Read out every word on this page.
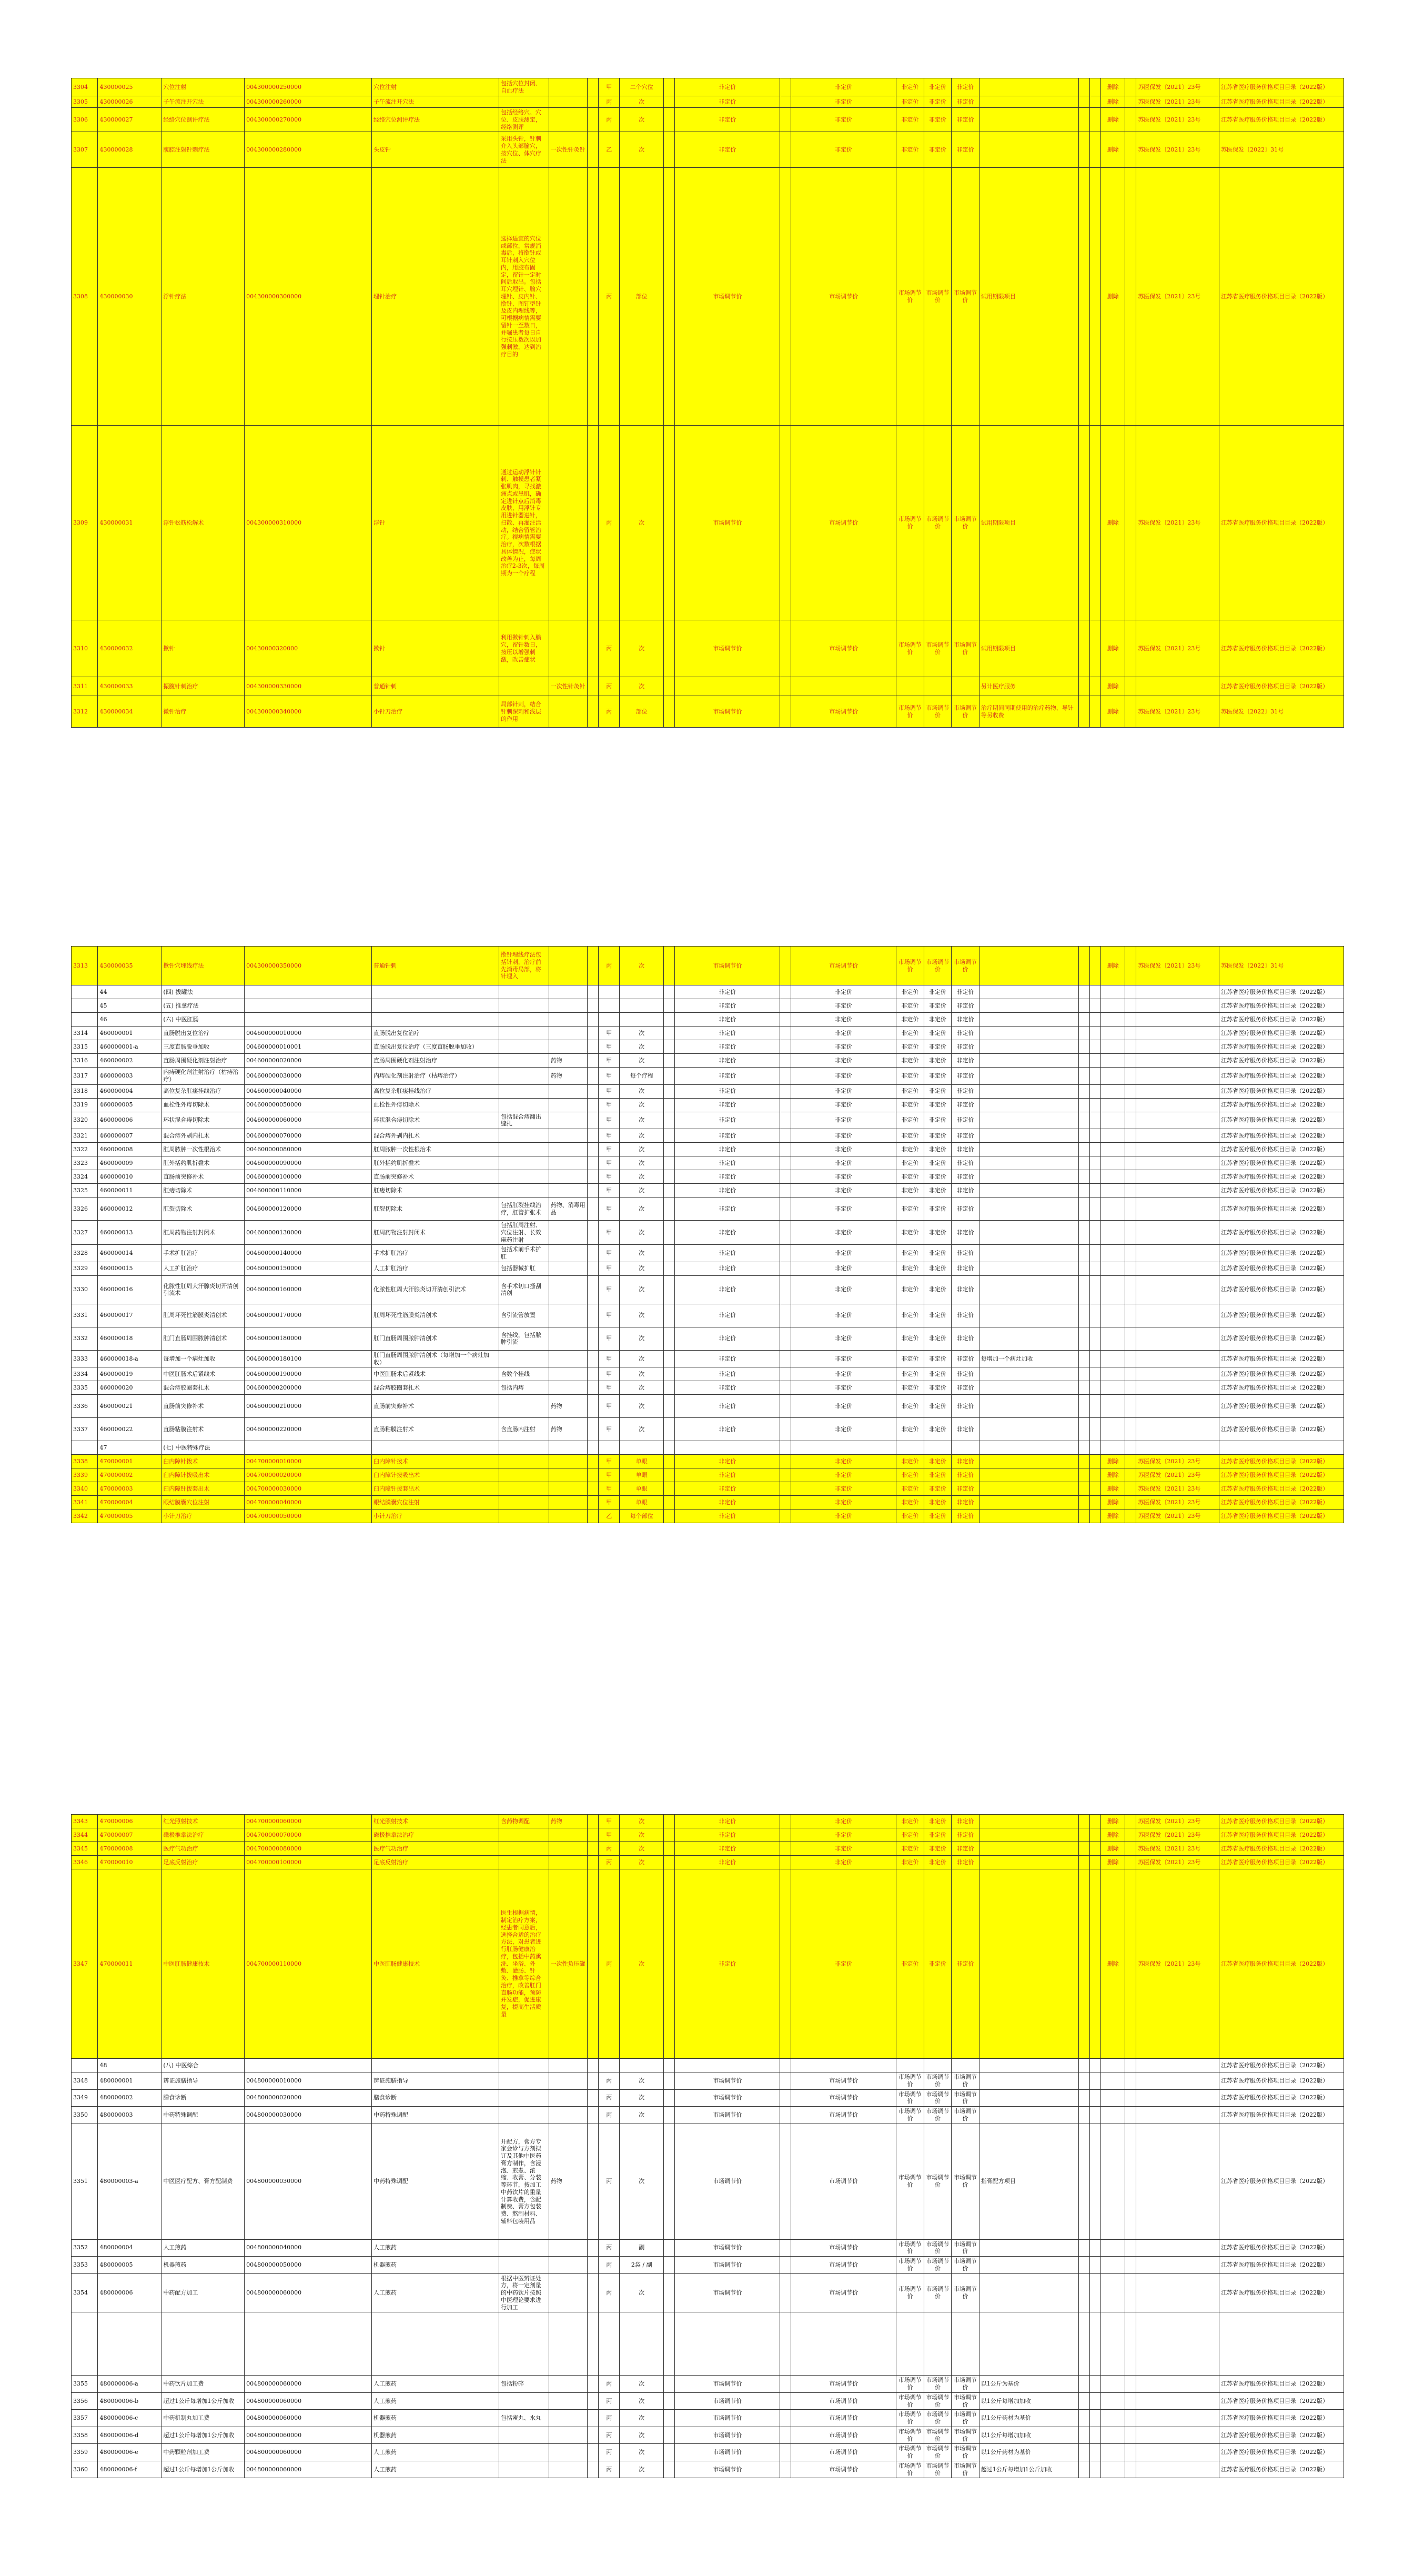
3304	430000025	穴位注射	004300000250000	穴位注射	包括穴位封闭、自血疗法			甲	二个穴位		非定价		非定价	非定价	非定价	非定价				删除		苏医保发〔2021〕23号	江苏省医疗服务价格项目目录（2022版）
3305	430000026	子午流注开穴法	004300000260000	子午流注开穴法				丙	次		非定价		非定价	非定价	非定价	非定价				删除		苏医保发〔2021〕23号	江苏省医疗服务价格项目目录（2022版）
3306	430000027	经络穴位测评疗法	004300000270000	经络穴位测评疗法	包括经络穴、穴位、皮肤测定，经络测评			丙	次		非定价		非定价	非定价	非定价	非定价				删除		苏医保发〔2021〕23号	江苏省医疗服务价格项目目录（2022版）
3307	430000028	腹腔注射针刺疗法	004300000280000	头皮针	采用头针，针刺介入头部腧穴，按穴位、体穴疗法	一次性针灸针		乙	次		非定价		非定价	非定价	非定价	非定价				删除		苏医保发〔2021〕23号	苏医保发〔2022〕31号
3308	430000030	浮针疗法	004300000300000	埋针治疗	选择适宜的穴位或部位，常规消毒后，将揿针或耳针刺入穴位内，用胶布固定，留针一定时间后取出。包括耳穴埋针、腧穴埋针、皮内针、揿针、图钉型针及皮内埋线等，可根据病情需要留针一至数日，并嘱患者每日自行按压数次以加强刺激，达到治疗目的			丙	部位		市场调节价		市场调节价	市场调节价	市场调节价	市场调节价	试用期限项目			删除		苏医保发〔2021〕23号	江苏省医疗服务价格项目目录（2022版）
3309	430000031	浮针松筋松解术	004300000310000	浮针	通过运动浮针针刺、触摸患者紧张肌肉，寻找激痛点或患肌，确定进针点后消毒皮肤，用浮针专用进针器进针，扫散、再灌注活动，结合留管治疗。视病情需要治疗，次数根据具体情况，症状改善为止，每周治疗2-3次，每周期为一个疗程			丙	次		市场调节价		市场调节价	市场调节价	市场调节价	市场调节价	试用期限项目			删除		苏医保发〔2021〕23号	江苏省医疗服务价格项目目录（2022版）
3310	430000032	揿针	00430000320000	揿针	利用揿针刺入腧穴，留针数日，按压以增强刺激，改善症状			丙	次		市场调节价		市场调节价	市场调节价	市场调节价	市场调节价	试用期限项目			删除		苏医保发〔2021〕23号	江苏省医疗服务价格项目目录（2022版）
3311	430000033	振腹针刺治疗	004300000330000	普通针刺		一次性针灸针		丙	次								另计医疗服务			删除			江苏省医疗服务价格项目目录（2022版）
3312	430000034	微针治疗	004300000340000	小针刀治疗	局部针刺，结合针刺深刺和浅层的作用			丙	部位		市场调节价		市场调节价	市场调节价	市场调节价	市场调节价	治疗期间同期使用的治疗药物、导针等另收费			删除		苏医保发〔2021〕23号	苏医保发〔2022〕31号
3313	430000035	揿针穴埋线疗法	004300000350000	普通针刺	揿针埋线疗法包括针刺，治疗前先消毒局部，将针埋入			丙	次		市场调节价		市场调节价	市场调节价	市场调节价	市场调节价				删除		苏医保发〔2021〕23号	苏医保发〔2022〕31号
	44	(四) 拔罐法									非定价		非定价	非定价	非定价	非定价							江苏省医疗服务价格项目目录（2022版）
	45	(五) 推拿疗法									非定价		非定价	非定价	非定价	非定价							江苏省医疗服务价格项目目录（2022版）
	46	(六) 中医肛肠									非定价		非定价	非定价	非定价	非定价							江苏省医疗服务价格项目目录（2022版）
3314	460000001	直肠脱出复位治疗	004600000010000	直肠脱出复位治疗				甲	次		非定价		非定价	非定价	非定价	非定价							江苏省医疗服务价格项目目录（2022版）
3315	460000001-a	三度直肠脱垂加收	004600000010001	直肠脱出复位治疗（三度直肠脱垂加收）				甲	次		非定价		非定价	非定价	非定价	非定价							江苏省医疗服务价格项目目录（2022版）
3316	460000002	直肠周围硬化剂注射治疗	004600000020000	直肠周围硬化剂注射治疗		药物		甲	次		非定价		非定价	非定价	非定价	非定价							江苏省医疗服务价格项目目录（2022版）
3317	460000003	内痔硬化剂注射治疗（枯痔治疗）	004600000030000	内痔硬化剂注射治疗（枯痔治疗）		药物		甲	每个疗程		非定价		非定价	非定价	非定价	非定价							江苏省医疗服务价格项目目录（2022版）
3318	460000004	高位复杂肛瘘挂线治疗	004600000040000	高位复杂肛瘘挂线治疗				甲	次		非定价		非定价	非定价	非定价	非定价							江苏省医疗服务价格项目目录（2022版）
3319	460000005	血栓性外痔切除术	004600000050000	血栓性外痔切除术				甲	次		非定价		非定价	非定价	非定价	非定价							江苏省医疗服务价格项目目录（2022版）
3320	460000006	环状混合痔切除术	004600000060000	环状混合痔切除术	包括混合痔翻出缝扎			甲	次		非定价		非定价	非定价	非定价	非定价							江苏省医疗服务价格项目目录（2022版）
3321	460000007	混合痔外剥内扎术	004600000070000	混合痔外剥内扎术				甲	次		非定价		非定价	非定价	非定价	非定价							江苏省医疗服务价格项目目录（2022版）
3322	460000008	肛周脓肿一次性根治术	004600000080000	肛周脓肿一次性根治术				甲	次		非定价		非定价	非定价	非定价	非定价							江苏省医疗服务价格项目目录（2022版）
3323	460000009	肛外括约肌折叠术	004600000090000	肛外括约肌折叠术				甲	次		非定价		非定价	非定价	非定价	非定价							江苏省医疗服务价格项目目录（2022版）
3324	460000010	直肠前突修补术	004600000100000	直肠前突修补术				甲	次		非定价		非定价	非定价	非定价	非定价							江苏省医疗服务价格项目目录（2022版）
3325	460000011	肛瘘切除术	004600000110000	肛瘘切除术				甲	次		非定价		非定价	非定价	非定价	非定价							江苏省医疗服务价格项目目录（2022版）
3326	460000012	肛裂切除术	004600000120000	肛裂切除术	包括肛裂挂线治疗，肛管扩张术	药物、消毒用品		甲	次		非定价		非定价	非定价	非定价	非定价							江苏省医疗服务价格项目目录（2022版）
3327	460000013	肛周药物注射封闭术	004600000130000	肛周药物注射封闭术	包括肛周注射、穴位注射、长效麻药注射			甲	次		非定价		非定价	非定价	非定价	非定价							江苏省医疗服务价格项目目录（2022版）
3328	460000014	手术扩肛治疗	004600000140000	手术扩肛治疗	包括术前手术扩肛			甲	次		非定价		非定价	非定价	非定价	非定价							江苏省医疗服务价格项目目录（2022版）
3329	460000015	人工扩肛治疗	004600000150000	人工扩肛治疗	包括器械扩肛			甲	次		非定价		非定价	非定价	非定价	非定价							江苏省医疗服务价格项目目录（2022版）
3330	460000016	化脓性肛周大汗腺炎切开清创引流术	004600000160000	化脓性肛周大汗腺炎切开清创引流术	含手术切口搔刮清创			甲	次		非定价		非定价	非定价	非定价	非定价							江苏省医疗服务价格项目目录（2022版）
3331	460000017	肛周坏死性筋膜炎清创术	004600000170000	肛周坏死性筋膜炎清创术	含引流管放置			甲	次		非定价		非定价	非定价	非定价	非定价							江苏省医疗服务价格项目目录（2022版）
3332	460000018	肛门直肠周围脓肿清创术	004600000180000	肛门直肠周围脓肿清创术	含挂线，包括脓肿引流			甲	次		非定价		非定价	非定价	非定价	非定价							江苏省医疗服务价格项目目录（2022版）
3333	460000018-a	每增加一个病灶加收	004600000180100	肛门直肠周围脓肿清创术（每增加一个病灶加收）				甲	次		非定价		非定价	非定价	非定价	非定价	每增加一个病灶加收						江苏省医疗服务价格项目目录（2022版）
3334	460000019	中医肛肠术后紧线术	004600000190000	中医肛肠术后紧线术	含数个挂线			甲	次		非定价		非定价	非定价	非定价	非定价							江苏省医疗服务价格项目目录（2022版）
3335	460000020	混合痔胶圈套扎术	004600000200000	混合痔胶圈套扎术	包括内痔			甲	次		非定价		非定价	非定价	非定价	非定价							江苏省医疗服务价格项目目录（2022版）
3336	460000021	直肠前突修补术	004600000210000	直肠前突修补术		药物		甲	次		非定价		非定价	非定价	非定价	非定价							江苏省医疗服务价格项目目录（2022版）
3337	460000022	直肠粘膜注射术	004600000220000	直肠粘膜注射术	含直肠内注射	药物		甲	次		非定价		非定价	非定价	非定价	非定价							江苏省医疗服务价格项目目录（2022版）
	47	(七) 中医特殊疗法																					
3338	470000001	臼内障针拨术	004700000010000	臼内障针拨术				甲	单眼		非定价		非定价	非定价	非定价	非定价				删除		苏医保发〔2021〕23号	江苏省医疗服务价格项目目录（2022版）
3339	470000002	臼内障针拨吸出术	004700000020000	臼内障针拨吸出术				甲	单眼		非定价		非定价	非定价	非定价	非定价				删除		苏医保发〔2021〕23号	江苏省医疗服务价格项目目录（2022版）
3340	470000003	臼内障针拨套出术	004700000030000	臼内障针拨套出术				甲	单眼		非定价		非定价	非定价	非定价	非定价				删除		苏医保发〔2021〕23号	江苏省医疗服务价格项目目录（2022版）
3341	470000004	眼结膜囊穴位注射	004700000040000	眼结膜囊穴位注射				甲	单眼		非定价		非定价	非定价	非定价	非定价				删除		苏医保发〔2021〕23号	江苏省医疗服务价格项目目录（2022版）
3342	470000005	小针刀治疗	004700000050000	小针刀治疗				乙	每个部位		非定价		非定价	非定价	非定价	非定价				删除		苏医保发〔2021〕23号	江苏省医疗服务价格项目目录（2022版）
3343	470000006	红光照射技术	004700000060000	红光照射技术	含药物调配	药物		甲	次		非定价		非定价	非定价	非定价	非定价				删除		苏医保发〔2021〕23号	江苏省医疗服务价格项目目录（2022版）
3344	470000007	磁极推拿法治疗	004700000070000	磁极推拿法治疗				甲	次		非定价		非定价	非定价	非定价	非定价				删除		苏医保发〔2021〕23号	江苏省医疗服务价格项目目录（2022版）
3345	470000008	医疗气功治疗	004700000080000	医疗气功治疗				丙	次		非定价		非定价	非定价	非定价	非定价				删除		苏医保发〔2021〕23号	江苏省医疗服务价格项目目录（2022版）
3346	470000010	足底反射治疗	004700000100000	足底反射治疗				丙	次		非定价		非定价	非定价	非定价	非定价				删除		苏医保发〔2021〕23号	江苏省医疗服务价格项目目录（2022版）
3347	470000011	中医肛肠健康技术	004700000110000	中医肛肠健康技术	医生根据病情，制定治疗方案，经患者同意后，选择合适的治疗方法，对患者进行肛肠健康治疗，包括中药熏洗、坐浴、外敷、灌肠、针灸、推拿等综合治疗，改善肛门直肠功能，预防并发症，促进康复，提高生活质量	一次性负压罐		丙	次		非定价		非定价	非定价	非定价	非定价				删除		苏医保发〔2021〕23号	江苏省医疗服务价格项目目录（2022版）
	48	(八) 中医综合																					江苏省医疗服务价格项目目录（2022版）
3348	480000001	辨证施膳指导	004800000010000	辨证施膳指导				丙	次		市场调节价		市场调节价	市场调节价	市场调节价	市场调节价							江苏省医疗服务价格项目目录（2022版）
3349	480000002	膳食诊断	004800000020000	膳食诊断				丙	次		市场调节价		市场调节价	市场调节价	市场调节价	市场调节价							江苏省医疗服务价格项目目录（2022版）
3350	480000003	中药特殊调配	004800000030000	中药特殊调配				丙	次		市场调节价		市场调节价	市场调节价	市场调节价	市场调节价							江苏省医疗服务价格项目目录（2022版）
3351	480000003-a	中医医疗配方、膏方配制费	004800000030000	中药特殊调配	开配方，膏方专家会诊与方剂拟订及其他中医药膏方制作，含浸泡、煎煮、浓缩、收膏、分装等环节，按加工中药饮片的重量计算收费，含配制费、膏方包装费、熬制材料、辅料包装用品	药物		丙	次		市场调节价		市场调节价	市场调节价	市场调节价	市场调节价	指膏配方项目						江苏省医疗服务价格项目目录（2022版）
3352	480000004	人工煎药	004800000040000	人工煎药				丙	副		市场调节价		市场调节价	市场调节价	市场调节价	市场调节价							江苏省医疗服务价格项目目录（2022版）
3353	480000005	机器煎药	004800000050000	机器煎药				丙	2袋 / 副		市场调节价		市场调节价	市场调节价	市场调节价	市场调节价							江苏省医疗服务价格项目目录（2022版）
3354	480000006	中药配方加工	004800000060000	人工煎药	根据中医辨证处方，将一定剂量的中药饮片按照中医理论要求进行加工			丙	次		市场调节价		市场调节价	市场调节价	市场调节价	市场调节价							江苏省医疗服务价格项目目录（2022版）

3355	480000006-a	中药饮片加工费	004800000060000	人工煎药	包括粉碎			丙	次		市场调节价		市场调节价	市场调节价	市场调节价	市场调节价	以1公斤为基价						江苏省医疗服务价格项目目录（2022版）
3356	480000006-b	超过1公斤每增加1公斤加收	004800000060000	人工煎药				丙	次		市场调节价		市场调节价	市场调节价	市场调节价	市场调节价	以1公斤每增加加收						江苏省医疗服务价格项目目录（2022版）
3357	480000006-c	中药机制丸加工费	004800000060000	机器煎药	包括蜜丸、水丸			丙	次		市场调节价		市场调节价	市场调节价	市场调节价	市场调节价	以1公斤药材为基价						江苏省医疗服务价格项目目录（2022版）
3358	480000006-d	超过1公斤每增加1公斤加收	004800000060000	机器煎药				丙	次		市场调节价		市场调节价	市场调节价	市场调节价	市场调节价	以1公斤每增加加收						江苏省医疗服务价格项目目录（2022版）
3359	480000006-e	中药颗粒剂加工费	004800000060000	人工煎药				丙	次		市场调节价		市场调节价	市场调节价	市场调节价	市场调节价	以1公斤药材为基价						江苏省医疗服务价格项目目录（2022版）
3360	480000006-f	超过1公斤每增加1公斤加收	004800000060000	人工煎药				丙	次		市场调节价		市场调节价	市场调节价	市场调节价	市场调节价	超过1公斤每增加1公斤加收						江苏省医疗服务价格项目目录（2022版）
